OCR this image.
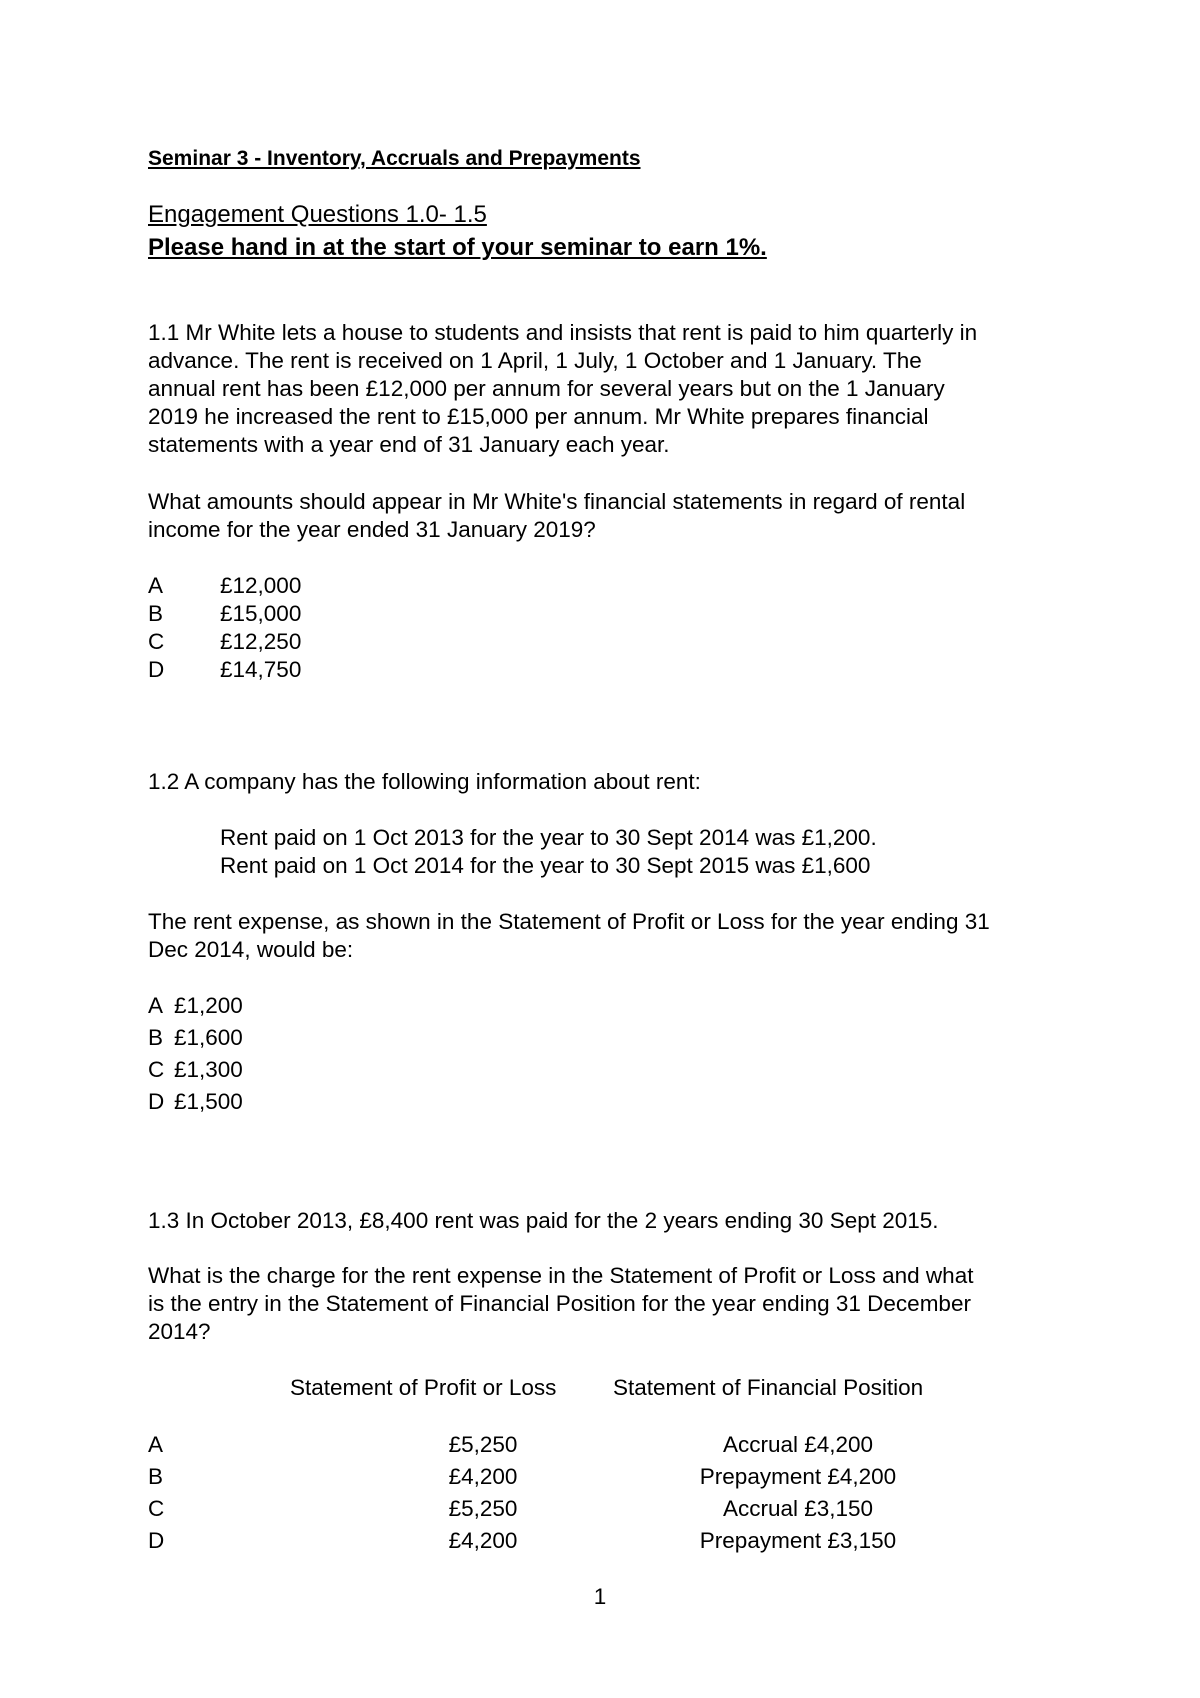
Seminar 3 - Inventory, Accruals and Prepayments
Engagement Questions 1.0- 1.5
Please hand in at the start of your seminar to earn 1%.
1.1 Mr White lets a house to students and insists that rent is paid to him quarterly in
advance. The rent is received on 1 April, 1 July, 1 October and 1 January. The
annual rent has been £12,000 per annum for several years but on the 1 January
2019 he increased the rent to £15,000 per annum. Mr White prepares financial
statements with a year end of 31 January each year.
What amounts should appear in Mr White's financial statements in regard of rental
income for the year ended 31 January 2019?
A	£12,000
B	£15,000
C £12,250
D £14,750
1.2 A company has the following information about rent:
Rent paid on 1 Oct 2013 for the year to 30 Sept 2014 was £1,200.
Rent paid on 1 Oct 2014 for the year to 30 Sept 2015 was £1,600
The rent expense, as shown in the Statement of Profit or Loss for the year ending 31
Dec 2014, would be:
A £1,200
B £1,600
C £1,300
D £1,500
1.3 In October 2013, £8,400 rent was paid for the 2 years ending 30 Sept 2015.
What is the charge for the rent expense in the Statement of Profit or Loss and what
is the entry in the Statement of Financial Position for the year ending 31 December
2014?
Statement of Profit or Loss	Statement of Financial Position
A	£5,250	Accrual £4,200
B	£4,200	Prepayment £4,200
C	£5,250	Accrual £3,150
D	£4,200	Prepayment £3,150
1
